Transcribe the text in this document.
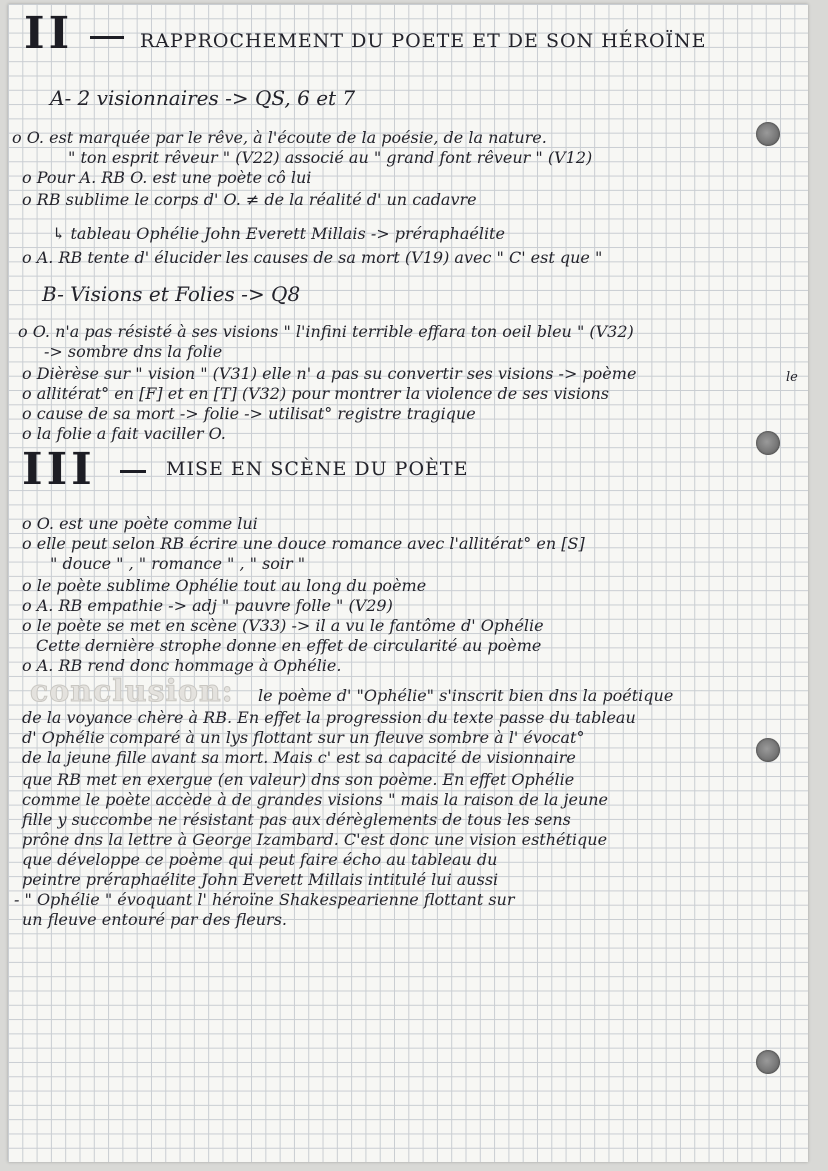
II	RAPPROCHEMENT DU POETE ET DE SON HÉROÏNE
A- 2 visionnaires -> QS, 6 et 7
o O. est marquée par le rêve, à l'écoute de la poésie, de la nature.
" ton esprit rêveur " (V22) associé au " grand font rêveur " (V12)
o Pour A. RB O. est une poète cô lui
o RB sublime le corps d' O. ≠ de la réalité d' un cadavre
↳ tableau Ophélie John Everett Millais -> préraphaélite
o A. RB tente d' élucider les causes de sa mort (V19) avec " C' est que "
B- Visions et Folies -> Q8
o O. n'a pas résisté à ses visions " l'infini terrible effara ton oeil bleu " (V32)
-> sombre dns la folie
o Dièrèse sur " vision " (V31) elle n' a pas su convertir ses visions -> poème	le
o allitérat° en [F] et en [T] (V32) pour montrer la violence de ses visions
o cause de sa mort -> folie -> utilisat° registre tragique
o la folie a fait vaciller O.
III	MISE EN SCÈNE DU POÈTE
o O. est une poète comme lui
o elle peut selon RB écrire une douce romance avec l'allitérat° en [S]
" douce " , " romance " , " soir "
o le poète sublime Ophélie tout au long du poème
o A. RB empathie -> adj " pauvre folle " (V29)
o le poète se met en scène (V33) -> il a vu le fantôme d' Ophélie
Cette dernière strophe donne en effet de circularité au poème
o A. RB rend donc hommage à Ophélie.
conclusion: le poème d' "Ophélie" s'inscrit bien dns la poétique
de la voyance chère à RB. En effet la progression du texte passe du tableau
d' Ophélie comparé à un lys flottant sur un fleuve sombre à l' évocat°
de la jeune fille avant sa mort. Mais c' est sa capacité de visionnaire
que RB met en exergue (en valeur) dns son poème. En effet Ophélie
comme le poète accède à de grandes visions " mais la raison de la jeune
fille y succombe ne résistant pas aux dérèglements de tous les sens
prône dns la lettre à George Izambard. C'est donc une vision esthétique
que développe ce poème qui peut faire écho au tableau du
peintre préraphaélite John Everett Millais intitulé lui aussi
- " Ophélie " évoquant l' héroïne Shakespearienne flottant sur
un fleuve entouré par des fleurs.
